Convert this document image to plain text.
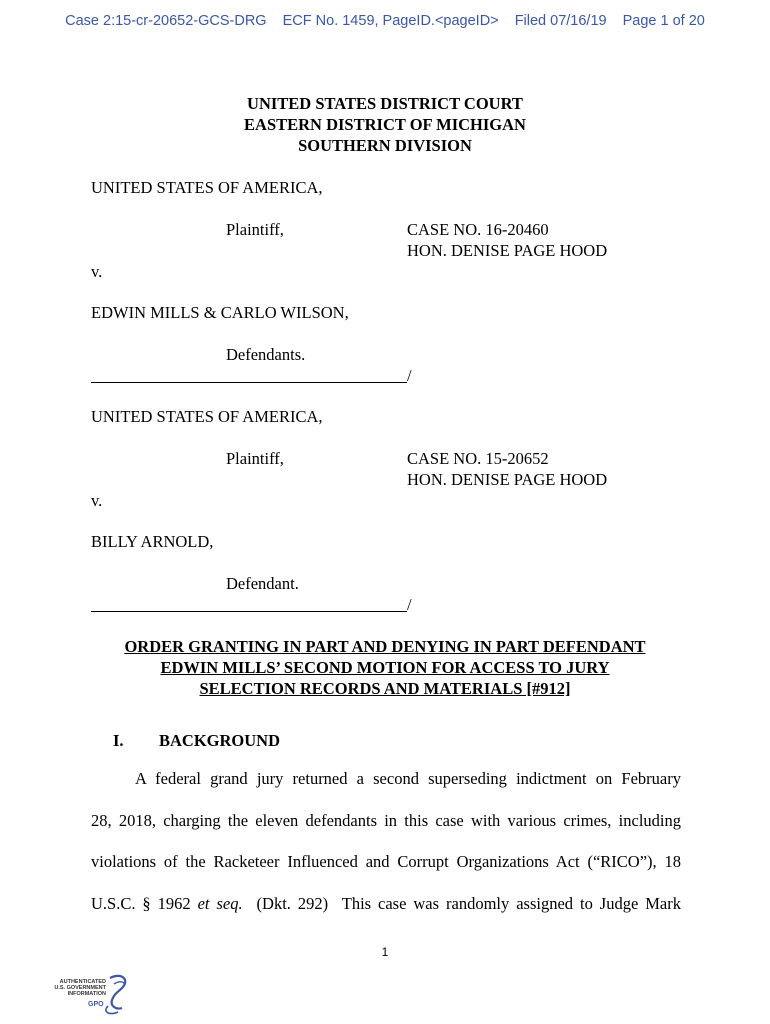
Case 2:15-cr-20652-GCS-DRG ECF No. 1459, PageID.<pageID> Filed 07/16/19 Page 1 of 20
UNITED STATES DISTRICT COURT
EASTERN DISTRICT OF MICHIGAN
SOUTHERN DIVISION
UNITED STATES OF AMERICA,
Plaintiff,	CASE NO. 16-20460
HON. DENISE PAGE HOOD
v.
EDWIN MILLS & CARLO WILSON,
Defendants.
/
UNITED STATES OF AMERICA,
Plaintiff,	CASE NO. 15-20652
HON. DENISE PAGE HOOD
v.
BILLY ARNOLD,
Defendant.
/
ORDER GRANTING IN PART AND DENYING IN PART DEFENDANT
EDWIN MILLS’ SECOND MOTION FOR ACCESS TO JURY
SELECTION RECORDS AND MATERIALS [#912]
I. BACKGROUND
A federal grand jury returned a second superseding indictment on February
28, 2018, charging the eleven defendants in this case with various crimes, including
violations of the Racketeer Influenced and Corrupt Organizations Act (“RICO”), 18
U.S.C. § 1962 et seq.  (Dkt. 292)  This case was randomly assigned to Judge Mark
1
AUTHENTICATED
U.S. GOVERNMENT
INFORMATION
GPO
